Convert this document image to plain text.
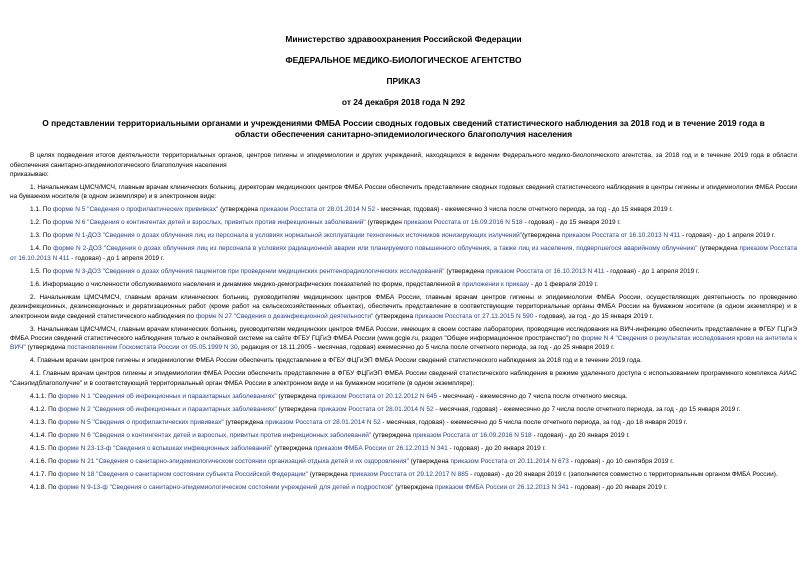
Министерство здравоохранения Российской Федерации
ФЕДЕРАЛЬНОЕ МЕДИКО-БИОЛОГИЧЕСКОЕ АГЕНТСТВО
ПРИКАЗ
от 24 декабря 2018 года N 292
О представлении территориальными органами и учреждениями ФМБА России сводных годовых сведений статистического наблюдения за 2018 год и в течение 2019 года в области обеспечения санитарно-эпидемиологического благополучия населения

В целях подведения итогов деятельности территориальных органов, центров гигиены и эпидемиологии и других учреждений, находящихся в ведении Федерального медико-биологического агентства, за 2018 год и в течение 2019 года в области обеспечения санитарно-эпидемиологического благополучия населения

приказываю:

1. Начальникам ЦМСЧ/МСЧ, главным врачам клинических больниц, директорам медицинских центров ФМБА России обеспечить представление сводных годовых сведений статистического наблюдения в центры гигиены и эпидемиологии ФМБА России на бумажном носителе (в одном экземпляре) и в электронном виде:

1.1. По форме N 5 "Сведения о профилактических прививках" (утверждена приказом Росстата от 28.01.2014 N 52 - месячная, годовая) - ежемесячно 3 числа после отчетного периода, за год - до 15 января 2019 г.

1.2. По форме N 6 "Сведения о контингентах детей и взрослых, привитых против инфекционных заболеваний" (утвержден приказом Росстата от 16.09.2016 N 518 - годовая) - до 15 января 2019 г.

1.3. По форме N 1-ДОЗ "Сведения о дозах облучения лиц из персонала в условиях нормальной эксплуатации техногенных источников ионизирующих излучений"(утверждена приказом Росстата от 16.10.2013 N 411 - годовая) - до 1 апреля 2019 г.

1.4. По форме N 2-ДОЗ "Сведения о дозах облучения лиц из персонала в условиях радиационной аварии или планируемого повышенного облучения, а также лиц из населения, подвергшегося аварийному облучению" (утверждена приказом Росстата от 16.10.2013 N 411 - годовая) - до 1 апреля 2019 г.

1.5. По форме N 3-ДОЗ "Сведения о дозах облучения пациентов при проведении медицинских рентгенорадиологических исследований" (утверждена приказом Росстата от 16.10.2013 N 411 - годовая) - до 1 апреля 2019 г.

1.6. Информацию о численности обслуживаемого населения и динамике медико-демографических показателей по форме, представленной в приложении к приказу - до 1 февраля 2019 г.

2. Начальникам ЦМСЧ/МСЧ, главным врачам клинических больниц, руководителям медицинских центров ФМБА России, главным врачам центров гигиены и эпидемиологии ФМБА России, осуществляющих деятельность по проведению дезинфекционных, дезинсекционных и дератизационных работ (кроме работ на сельскохозяйственных объектах), обеспечить представление в соответствующие территориальные органы ФМБА России на бумажном носителе (в одном экземпляре) и в электронном виде сведений статистического наблюдения по форме N 27 "Сведения о дезинфекционной деятельности" (утверждена приказом Росстата от 27.11.2015 N 590 - годовая), за год - до 15 января 2019 г.

3. Начальникам ЦМСЧ/МСЧ, главным врачам клинических больниц, руководителям медицинских центров ФМБА России, имеющих в своем составе лаборатории, проводящие исследования на ВИЧ-инфекцию обеспечить представление в ФГБУ ГЦГиЭ ФМБА России сведений статистического наблюдения только в онлайновой системе на сайте ФГБУ ГЦГиЭ ФМБА России (www.gcgie.ru, раздел "Общее информационное пространство") по форме N 4 "Сведения о результатах исследования крови на антитела к ВИЧ" (утверждена постановлением Госкомстата России от 05.05.1999 N 30, редакция от 18.11.2005 - месячная, годовая) ежемесячно до 5 числа после отчетного периода, за год - до 25 января 2019 г.

4. Главным врачам центров гигиены и эпидемиологии ФМБА России обеспечить представление в ФГБУ ФЦГиЭП ФМБА России сведений статистического наблюдения за 2018 год и в течение 2019 года.

4.1. Главным врачам центров гигиены и эпидемиологии ФМБА России обеспечить представление в ФГБУ ФЦГиЭП ФМБА России сведений статистического наблюдения в режиме удаленного доступа с использованием программного комплекса АИАС "Санэпидблагополучие" и в соответствующий территориальный орган ФМБА России в электронном виде и на бумажном носителе (в одном экземпляре):

4.1.1. По форме N 1 "Сведения об инфекционных и паразитарных заболеваниях" (утверждена приказом Росстата от 20.12.2012 N 645 - месячная) - ежемесячно до 7 числа после отчетного месяца.

4.1.2. По форме N 2 "Сведения об инфекционных и паразитарных заболеваниях" (утверждена приказом Росстата от 28.01.2014 N 52 - месячная, годовая) - ежемесячно до 7 числа после отчетного периода, за год - до 15 января 2019 г.

4.1.3. По форме N 5 "Сведения о профилактических прививках" (утверждена приказом Росстата от 28.01.2014 N 52 - месячная, годовая) - ежемесячно до 5 числа после отчетного периода, за год - до 18 января 2019 г.

4.1.4. По форме N 6 "Сведения о контингентах детей и взрослых, привитых против инфекционных заболеваний" (утверждена приказом Росстата от 16.09.2016 N 518 - годовая) - до 20 января 2019 г.

4.1.5. По форме N 23-13-ф "Сведения о вспышках инфекционных заболеваний" (утверждена приказом ФМБА России от 26.12.2013 N 341 - годовая) - до 20 января 2019 г.

4.1.6. По форме N 21 "Сведения о санитарно-эпидемиологическом состоянии организаций отдыха детей и их оздоровления" (утверждена приказом Росстата от 20.11.2014 N 673 - годовая) - до 10 сентября 2019 г.

4.1.7. По форме N 18 "Сведения о санитарном состоянии субъекта Российской Федерации" (утверждена приказом Росстата от 29.12.2017 N 885 - годовая) - до 20 января 2019 г. (заполняется совместно с территориальным органом ФМБА России).

4.1.8. По форме N 9-13-ф "Сведения о санитарно-эпидемиологическом состоянии учреждений для детей и подростков" (утверждена приказом ФМБА России от 26.12.2013 N 341 - годовая) - до 20 января 2019 г.
